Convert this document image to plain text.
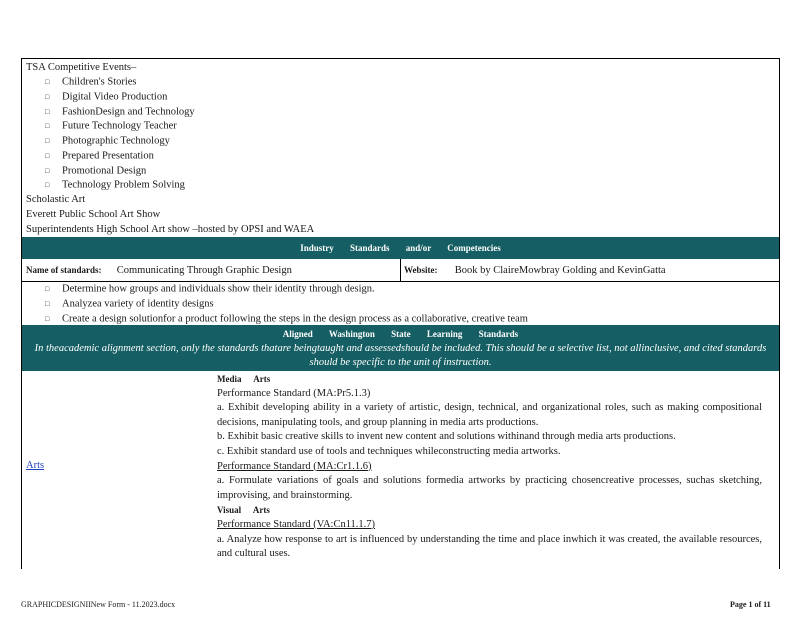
TSA Competitive Events–
□ Children's Stories
□ Digital Video Production
□ FashionDesign and Technology
□ Future Technology Teacher
□ Photographic Technology
□ Prepared Presentation
□ Promotional Design
□ Technology Problem Solving
Scholastic Art
Everett Public School Art Show
Superintendents High School Art show –hosted by OPSI and WAEA
Industry Standards and/or Competencies
Name of standards: Communicating Through Graphic Design	Website: Book by ClaireMowbray Golding and KevinGatta
□ Determine how groups and individuals show their identity through design.
□ Analyzea variety of identity designs
□ Create a design solutionfor a product following the steps in the design process as a collaborative, creative team
Aligned Washington State Learning Standards
In theacademic alignment section, only the standards thatare beingtaught and assessedshould be included. This should be a selective list, not allinclusive, and cited standards should be specific to the unit of instruction.
Arts

Media Arts

Performance Standard (MA:Pr5.1.3)

a. Exhibit developing ability in a variety of artistic, design, technical, and organizational roles, such as making compositional decisions, manipulating tools, and group planning in media arts productions.

b. Exhibit basic creative skills to invent new content and solutions withinand through media arts productions.

c. Exhibit standard use of tools and techniques whileconstructing media artworks.

Performance Standard (MA:Cr1.1.6)

a. Formulate variations of goals and solutions formedia artworks by practicing chosencreative processes, suchas sketching, improvising, and brainstorming.

Visual Arts

Performance Standard (VA:Cn11.1.7)

a. Analyze how response to art is influenced by understanding the time and place inwhich it was created, the available resources, and cultural uses.

GRAPHICDESIGNIINew Form - 11.2023.docx	Page 1 of 11
